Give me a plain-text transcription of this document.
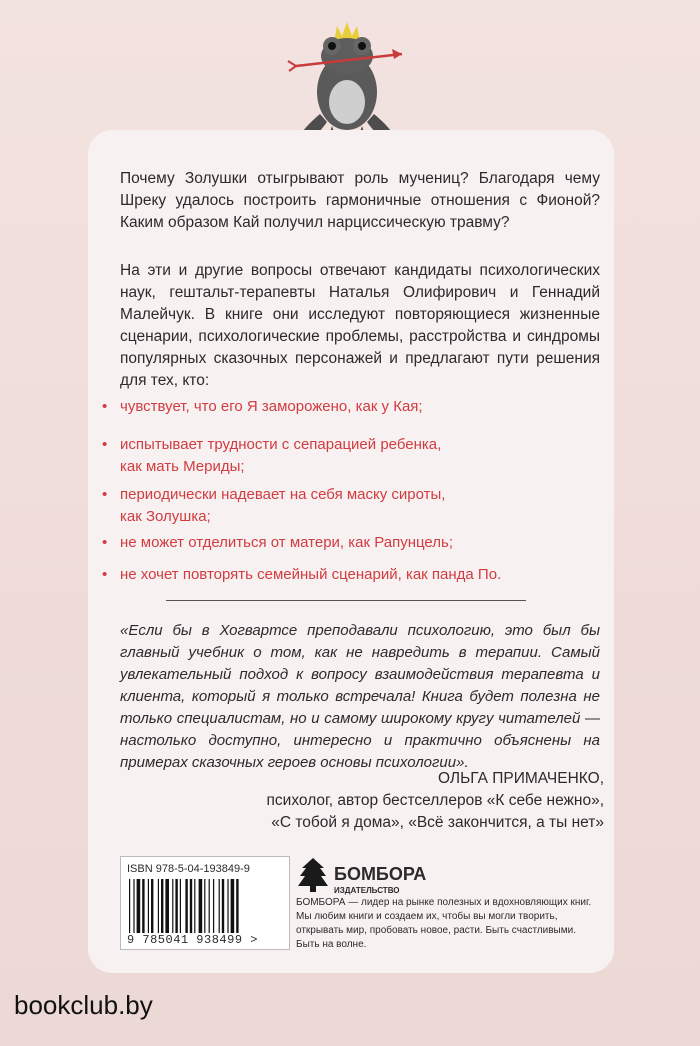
Почему Золушки отыгрывают роль мучениц? Благодаря чему Шреку удалось построить гармоничные отношения с Фионой? Каким образом Кай получил нарциссическую травму?
На эти и другие вопросы отвечают кандидаты психологических наук, гештальт-терапевты Наталья Олифирович и Геннадий Малейчук. В книге они исследуют повторяющиеся жизненные сценарии, психологические проблемы, расстройства и синдромы популярных сказочных персонажей и предлагают пути решения для тех, кто:
чувствует, что его Я заморожено, как у Кая;
•
испытывает трудности с сепарацией ребенка,
как мать Мериды;
•
периодически надевает на себя маску сироты,
как Золушка;
•
не может отделиться от матери, как Рапунцель;
•
не хочет повторять семейный сценарий, как панда По.
•
«Если бы в Хогвартсе преподавали психологию, это был бы главный учебник о том, как не навредить в терапии. Самый увлекательный подход к вопросу взаимодействия терапевта и клиента, который я только встречала! Книга будет полезна не только специалистам, но и самому широкому кругу читателей — настолько доступно, интересно и практично объяснены на примерах сказочных героев основы психологии».
ОЛЬГА ПРИМАЧЕНКО,
психолог, автор бестселлеров «К себе нежно»,
«С тобой я дома», «Всё закончится, а ты нет»
ISBN 978-5-04-193849-9
9 785041 938499 >
БОМБОРА
ИЗДАТЕЛЬСТВО
БОМБОРА — лидер на рынке полезных и вдохновляющих книг. Мы любим книги и создаем их, чтобы вы могли творить, открывать мир, пробовать новое, расти. Быть счастливыми. Быть на волне.
bookclub.by
